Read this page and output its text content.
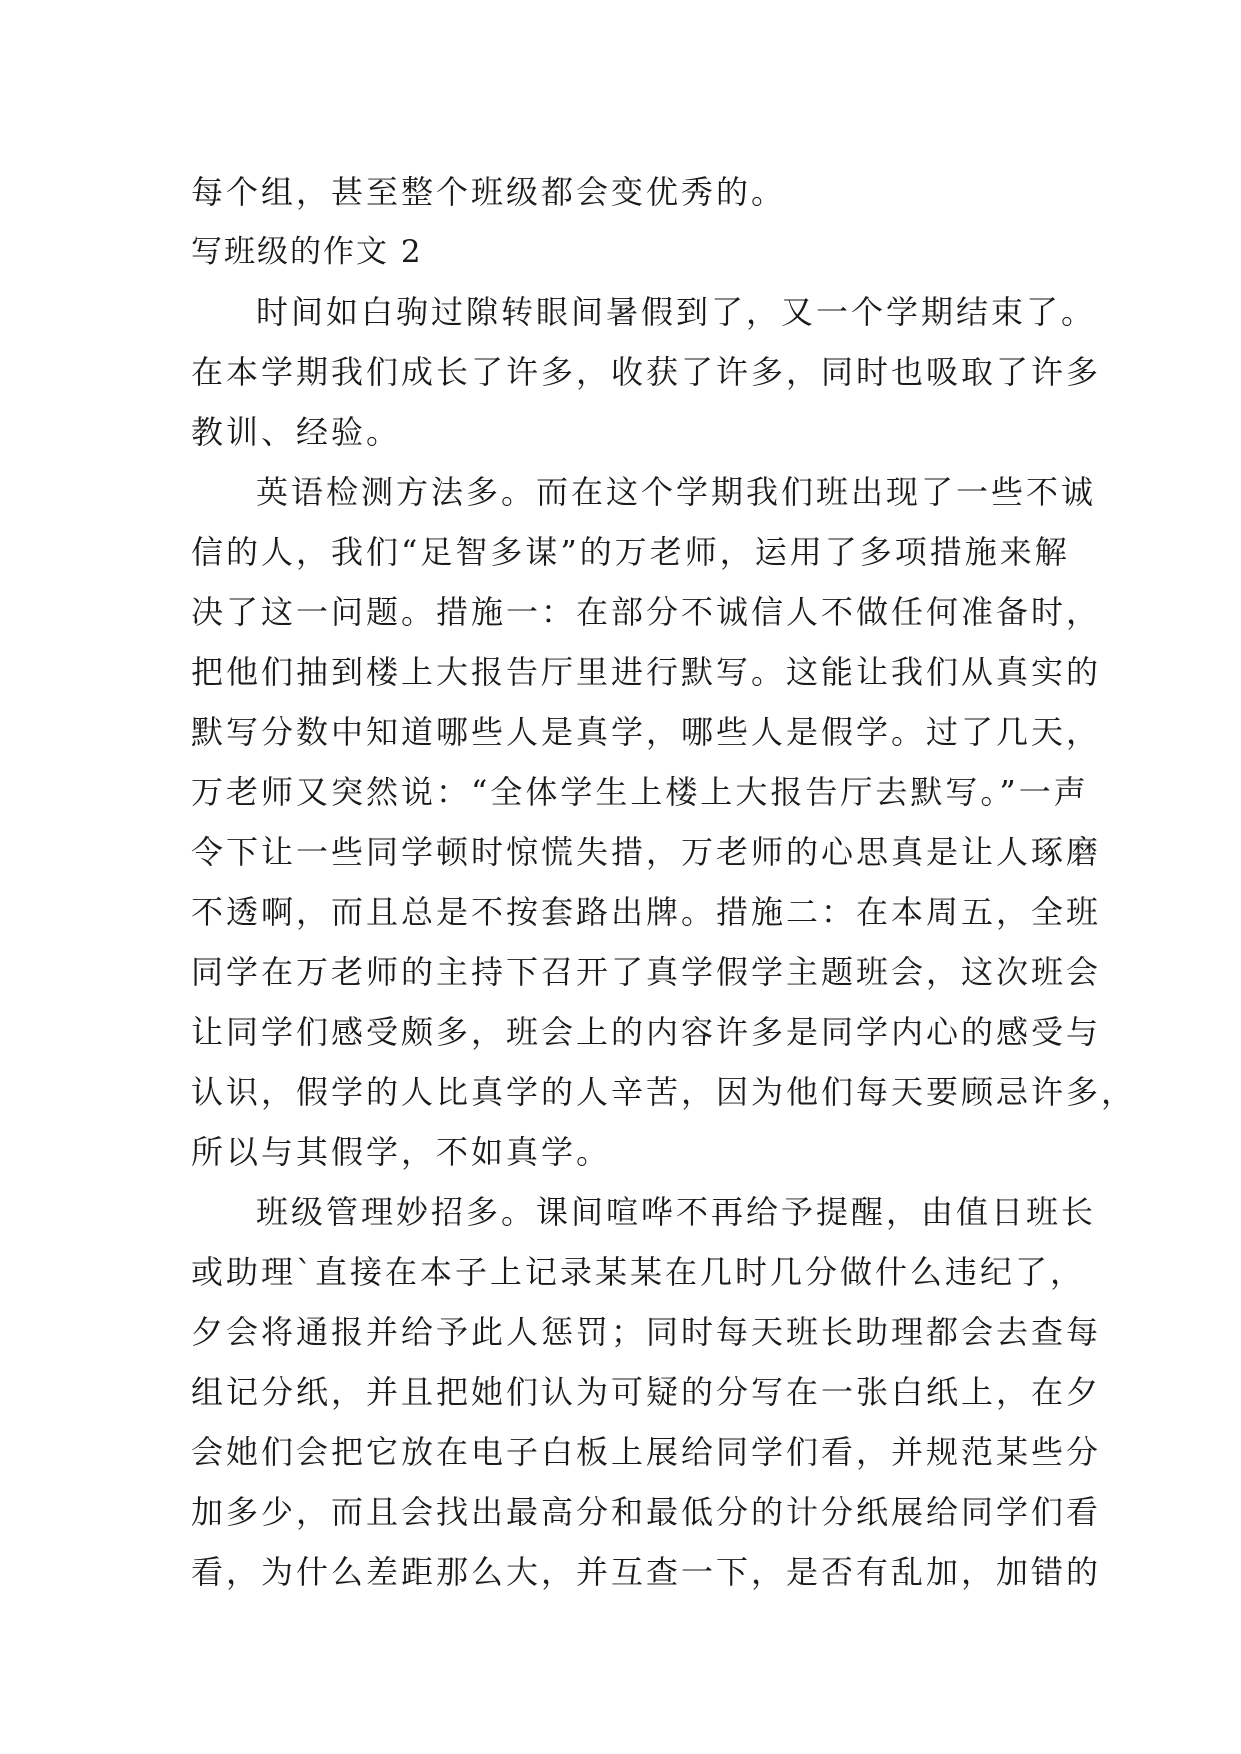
每个组，甚至整个班级都会变优秀的。

写班级的作文 2

时间如白驹过隙转眼间暑假到了，又一个学期结束了。

在本学期我们成长了许多，收获了许多，同时也吸取了许多

教训、经验。

英语检测方法多。而在这个学期我们班出现了一些不诚

信的人，我们“足智多谋”的万老师，运用了多项措施来解

决了这一问题。措施一：在部分不诚信人不做任何准备时，

把他们抽到楼上大报告厅里进行默写。这能让我们从真实的

默写分数中知道哪些人是真学，哪些人是假学。过了几天，

万老师又突然说：“全体学生上楼上大报告厅去默写。”一声

令下让一些同学顿时惊慌失措，万老师的心思真是让人琢磨

不透啊，而且总是不按套路出牌。措施二：在本周五，全班

同学在万老师的主持下召开了真学假学主题班会，这次班会

让同学们感受颇多，班会上的内容许多是同学内心的感受与

认识，假学的人比真学的人辛苦，因为他们每天要顾忌许多，

所以与其假学，不如真学。

班级管理妙招多。课间喧哗不再给予提醒，由值日班长

或助理`直接在本子上记录某某在几时几分做什么违纪了，

夕会将通报并给予此人惩罚；同时每天班长助理都会去查每

组记分纸，并且把她们认为可疑的分写在一张白纸上，在夕

会她们会把它放在电子白板上展给同学们看，并规范某些分

加多少，而且会找出最高分和最低分的计分纸展给同学们看

看，为什么差距那么大，并互查一下，是否有乱加，加错的
